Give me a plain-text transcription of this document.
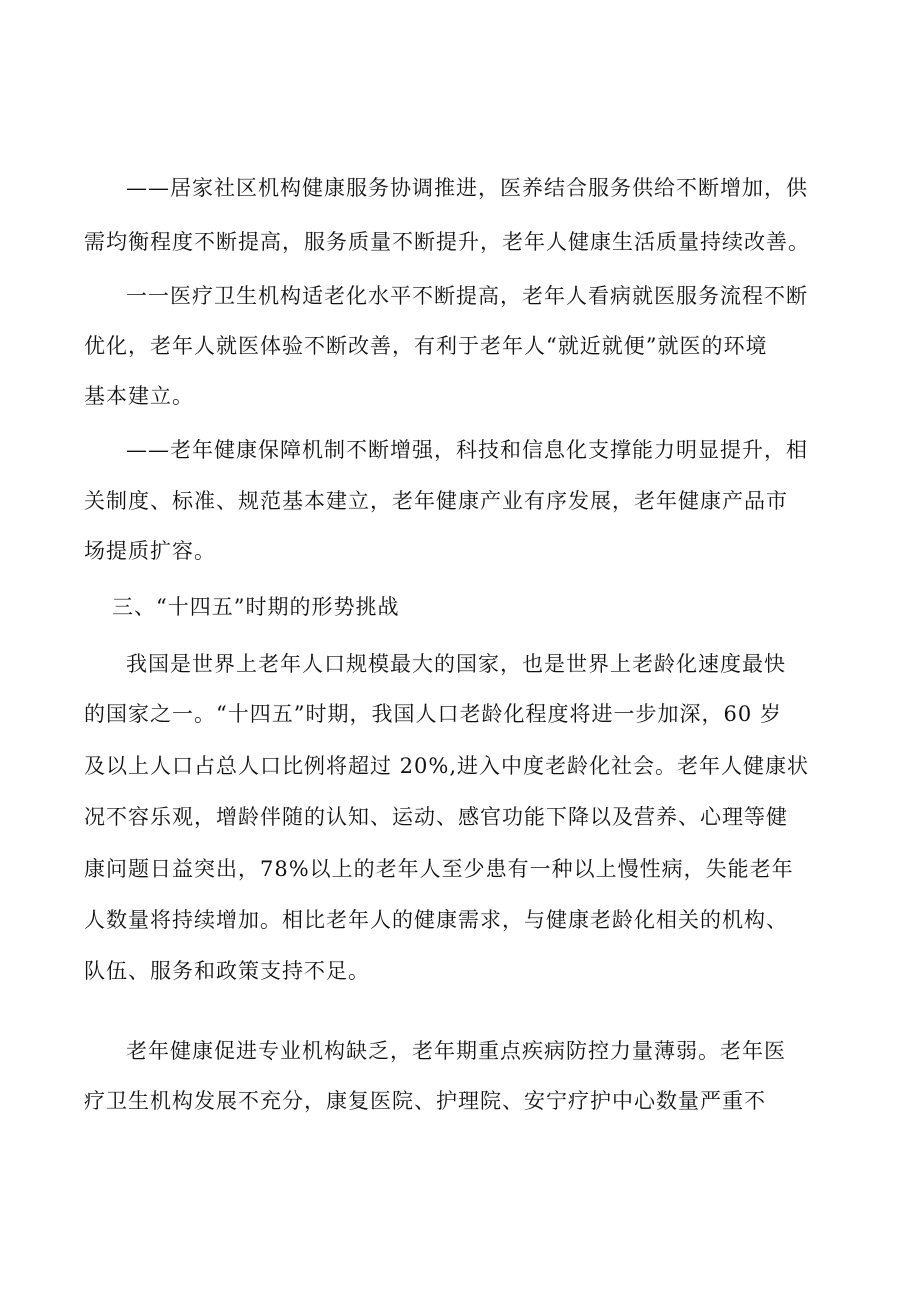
——居家社区机构健康服务协调推进，医养结合服务供给不断增加，供
需均衡程度不断提高，服务质量不断提升，老年人健康生活质量持续改善。
一一医疗卫生机构适老化水平不断提高，老年人看病就医服务流程不断
优化，老年人就医体验不断改善，有利于老年人“就近就便”就医的环境
基本建立。
——老年健康保障机制不断增强，科技和信息化支撑能力明显提升，相
关制度、标准、规范基本建立，老年健康产业有序发展，老年健康产品市
场提质扩容。
三、“十四五”时期的形势挑战
我国是世界上老年人口规模最大的国家，也是世界上老龄化速度最快
的国家之一。“十四五”时期，我国人口老龄化程度将进一步加深，60 岁
及以上人口占总人口比例将超过 20%,进入中度老龄化社会。老年人健康状
况不容乐观，增龄伴随的认知、运动、感官功能下降以及营养、心理等健
康问题日益突出，78%以上的老年人至少患有一种以上慢性病，失能老年
人数量将持续增加。相比老年人的健康需求，与健康老龄化相关的机构、
队伍、服务和政策支持不足。
老年健康促进专业机构缺乏，老年期重点疾病防控力量薄弱。老年医
疗卫生机构发展不充分，康复医院、护理院、安宁疗护中心数量严重不
